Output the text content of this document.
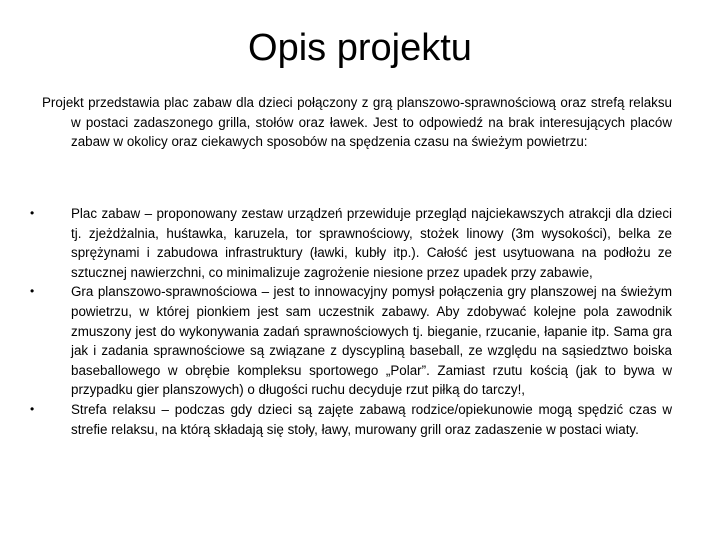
Opis projektu

Projekt przedstawia plac zabaw dla dzieci połączony z grą planszowo-sprawnościową oraz strefą relaksu w postaci zadaszonego grilla, stołów oraz ławek. Jest to odpowiedź na brak interesujących placów zabaw w okolicy oraz ciekawych sposobów na spędzenia czasu na świeżym powietrzu:

•	Plac zabaw – proponowany zestaw urządzeń przewiduje przegląd najciekawszych atrakcji dla dzieci tj. zjeżdżalnia, huśtawka, karuzela, tor sprawnościowy, stożek linowy (3m wysokości), belka ze sprężynami i zabudowa infrastruktury (ławki, kubły itp.). Całość jest usytuowana na podłożu ze sztucznej nawierzchni, co minimalizuje zagrożenie niesione przez upadek przy zabawie,
•	Gra planszowo-sprawnościowa – jest to innowacyjny pomysł połączenia gry planszowej na świeżym powietrzu, w której pionkiem jest sam uczestnik zabawy. Aby zdobywać kolejne pola zawodnik zmuszony jest do wykonywania zadań sprawnościowych tj. bieganie, rzucanie, łapanie itp. Sama gra jak i zadania sprawnościowe są związane z dyscypliną baseball, ze względu na sąsiedztwo boiska baseballowego w obrębie kompleksu sportowego „Polar”. Zamiast rzutu kością (jak to bywa w przypadku gier planszowych) o długości ruchu decyduje rzut piłką do tarczy!,
•	Strefa relaksu – podczas gdy dzieci są zajęte zabawą rodzice/opiekunowie mogą spędzić czas w strefie relaksu, na którą składają się stoły, ławy, murowany grill oraz zadaszenie w postaci wiaty.
